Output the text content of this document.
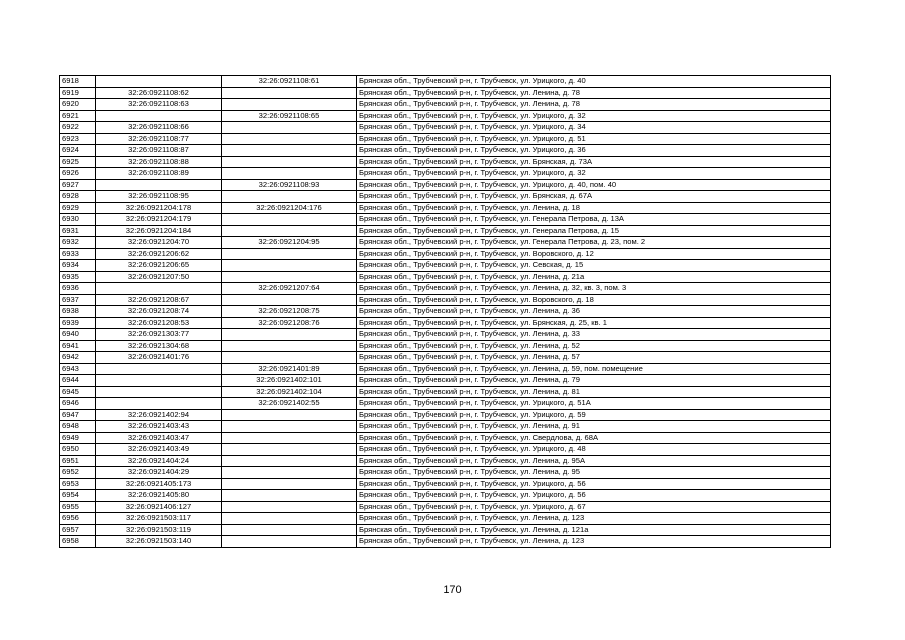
6918		32:26:0921108:61	Брянская обл., Трубчевский р-н, г. Трубчевск, ул. Урицкого, д. 40
6919	32:26:0921108:62		Брянская обл., Трубчевский р-н, г. Трубчевск, ул. Ленина, д. 78
6920	32:26:0921108:63		Брянская обл., Трубчевский р-н, г. Трубчевск, ул. Ленина, д. 78
6921		32:26:0921108:65	Брянская обл., Трубчевский р-н, г. Трубчевск, ул. Урицкого, д. 32
6922	32:26:0921108:66		Брянская обл., Трубчевский р-н, г. Трубчевск, ул. Урицкого, д. 34
6923	32:26:0921108:77		Брянская обл., Трубчевский р-н, г. Трубчевск, ул. Урицкого, д. 51
6924	32:26:0921108:87		Брянская обл., Трубчевский р-н, г. Трубчевск, ул. Урицкого, д. 36
6925	32:26:0921108:88		Брянская обл., Трубчевский р-н, г. Трубчевск, ул. Брянская, д. 73А
6926	32:26:0921108:89		Брянская обл., Трубчевский р-н, г. Трубчевск, ул. Урицкого, д. 32
6927		32:26:0921108:93	Брянская обл., Трубчевский р-н, г. Трубчевск, ул. Урицкого, д. 40, пом. 40
6928	32:26:0921108:95		Брянская обл., Трубчевский р-н, г. Трубчевск, ул. Брянская, д. 67А
6929	32:26:0921204:178	32:26:0921204:176	Брянская обл., Трубчевский р-н, г. Трубчевск, ул. Ленина, д. 18
6930	32:26:0921204:179		Брянская обл., Трубчевский р-н, г. Трубчевск, ул. Генерала Петрова, д. 13А
6931	32:26:0921204:184		Брянская обл., Трубчевский р-н, г. Трубчевск, ул. Генерала Петрова, д. 15
6932	32:26:0921204:70	32:26:0921204:95	Брянская обл., Трубчевский р-н, г. Трубчевск, ул. Генерала Петрова, д. 23, пом. 2
6933	32:26:0921206:62		Брянская обл., Трубчевский р-н, г. Трубчевск, ул. Воровского, д. 12
6934	32:26:0921206:65		Брянская обл., Трубчевский р-н, г. Трубчевск, ул. Севская, д. 15
6935	32:26:0921207:50		Брянская обл., Трубчевский р-н, г. Трубчевск, ул. Ленина, д. 21а
6936		32:26:0921207:64	Брянская обл., Трубчевский р-н, г. Трубчевск, ул. Ленина, д. 32, кв. 3, пом. 3
6937	32:26:0921208:67		Брянская обл., Трубчевский р-н, г. Трубчевск, ул. Воровского, д. 18
6938	32:26:0921208:74	32:26:0921208:75	Брянская обл., Трубчевский р-н, г. Трубчевск, ул. Ленина, д. 36
6939	32:26:0921208:53	32:26:0921208:76	Брянская обл., Трубчевский р-н, г. Трубчевск, ул. Брянская, д. 25, кв. 1
6940	32:26:0921303:77		Брянская обл., Трубчевский р-н, г. Трубчевск, ул. Ленина, д. 33
6941	32:26:0921304:68		Брянская обл., Трубчевский р-н, г. Трубчевск, ул. Ленина, д. 52
6942	32:26:0921401:76		Брянская обл., Трубчевский р-н, г. Трубчевск, ул. Ленина, д. 57
6943		32:26:0921401:89	Брянская обл., Трубчевский р-н, г. Трубчевск, ул. Ленина, д. 59, пом. помещение
6944		32:26:0921402:101	Брянская обл., Трубчевский р-н, г. Трубчевск, ул. Ленина, д. 79
6945		32:26:0921402:104	Брянская обл., Трубчевский р-н, г. Трубчевск, ул. Ленина, д. 81
6946		32:26:0921402:55	Брянская обл., Трубчевский р-н, г. Трубчевск, ул. Урицкого, д. 51А
6947	32:26:0921402:94		Брянская обл., Трубчевский р-н, г. Трубчевск, ул. Урицкого, д. 59
6948	32:26:0921403:43		Брянская обл., Трубчевский р-н, г. Трубчевск, ул. Ленина, д. 91
6949	32:26:0921403:47		Брянская обл., Трубчевский р-н, г. Трубчевск, ул. Свердлова, д. 68А
6950	32:26:0921403:49		Брянская обл., Трубчевский р-н, г. Трубчевск, ул. Урицкого, д. 48
6951	32:26:0921404:24		Брянская обл., Трубчевский р-н, г. Трубчевск, ул. Ленина, д. 95А
6952	32:26:0921404:29		Брянская обл., Трубчевский р-н, г. Трубчевск, ул. Ленина, д. 95
6953	32:26:0921405:173		Брянская обл., Трубчевский р-н, г. Трубчевск, ул. Урицкого, д. 56
6954	32:26:0921405:80		Брянская обл., Трубчевский р-н, г. Трубчевск, ул. Урицкого, д. 56
6955	32:26:0921406:127		Брянская обл., Трубчевский р-н, г. Трубчевск, ул. Урицкого, д. 67
6956	32:26:0921503:117		Брянская обл., Трубчевский р-н, г. Трубчевск, ул. Ленина, д. 123
6957	32:26:0921503:119		Брянская обл., Трубчевский р-н, г. Трубчевск, ул. Ленина, д. 121а
6958	32:26:0921503:140		Брянская обл., Трубчевский р-н, г. Трубчевск, ул. Ленина, д. 123
170
